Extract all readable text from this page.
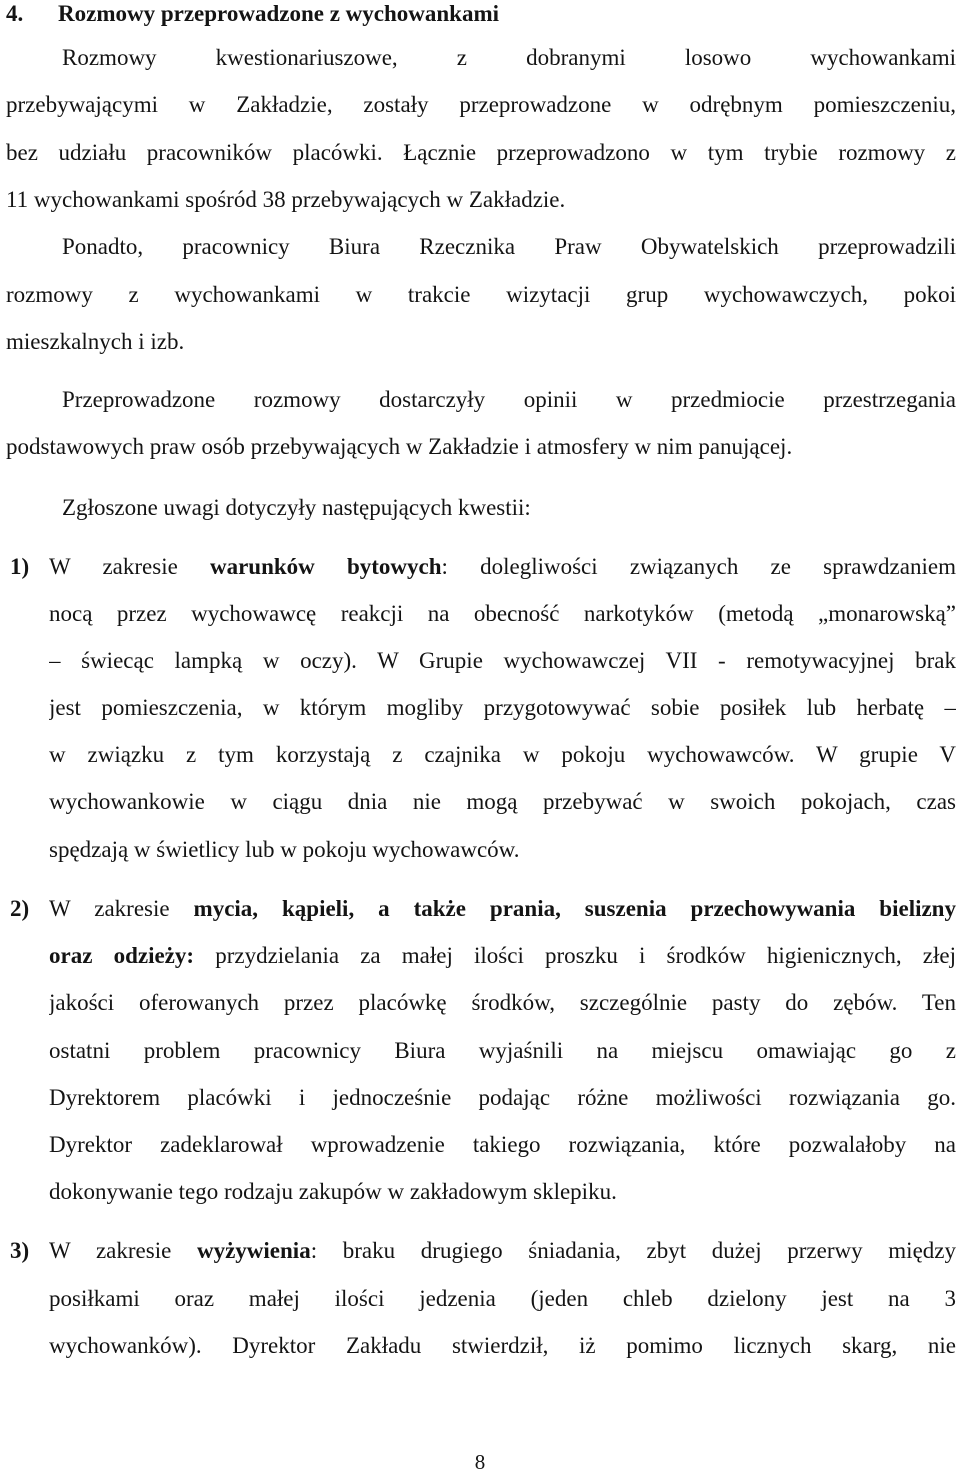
4. Rozmowy przeprowadzone z wychowankami
Rozmowy kwestionariuszowe, z dobranymi losowo wychowankami
przebywającymi w Zakładzie, zostały przeprowadzone w odrębnym pomieszczeniu,
bez udziału pracowników placówki. Łącznie przeprowadzono w tym trybie rozmowy z
11 wychowankami spośród 38 przebywających w Zakładzie.
Ponadto, pracownicy Biura Rzecznika Praw Obywatelskich przeprowadzili
rozmowy z wychowankami w trakcie wizytacji grup wychowawczych, pokoi
mieszkalnych i izb.
Przeprowadzone rozmowy dostarczyły opinii w przedmiocie przestrzegania
podstawowych praw osób przebywających w Zakładzie i atmosfery w nim panującej.
Zgłoszone uwagi dotyczyły następujących kwestii:
1) W zakresie warunków bytowych: dolegliwości związanych ze sprawdzaniem
nocą przez wychowawcę reakcji na obecność narkotyków (metodą „monarowską”
– świecąc lampką w oczy). W Grupie wychowawczej VII - remotywacyjnej brak
jest pomieszczenia, w którym mogliby przygotowywać sobie posiłek lub herbatę –
w związku z tym korzystają z czajnika w pokoju wychowawców. W grupie V
wychowankowie w ciągu dnia nie mogą przebywać w swoich pokojach, czas
spędzają w świetlicy lub w pokoju wychowawców.
2) W zakresie mycia, kąpieli, a także prania, suszenia przechowywania bielizny
oraz odzieży: przydzielania za małej ilości proszku i środków higienicznych, złej
jakości oferowanych przez placówkę środków, szczególnie pasty do zębów. Ten
ostatni problem pracownicy Biura wyjaśnili na miejscu omawiając go z
Dyrektorem placówki i jednocześnie podając różne możliwości rozwiązania go.
Dyrektor zadeklarował wprowadzenie takiego rozwiązania, które pozwalałoby na
dokonywanie tego rodzaju zakupów w zakładowym sklepiku.
3) W zakresie wyżywienia: braku drugiego śniadania, zbyt dużej przerwy między
posiłkami oraz małej ilości jedzenia (jeden chleb dzielony jest na 3
wychowanków). Dyrektor Zakładu stwierdził, iż pomimo licznych skarg, nie
8
